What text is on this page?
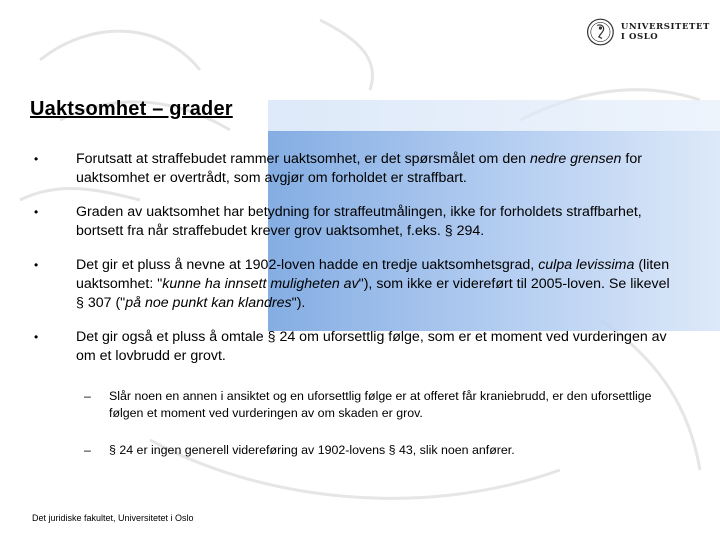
UNIVERSITETET
I OSLO
Uaktsomhet – grader
Forutsatt at straffebudet rammer uaktsomhet, er det spørsmålet om den nedre grensen for uaktsomhet er overtrådt, som avgjør om forholdet er straffbart.
Graden av uaktsomhet har betydning for straffeutmålingen, ikke for forholdets straffbarhet, bortsett fra når straffebudet krever grov uaktsomhet, f.eks. § 294.
Det gir et pluss å nevne at 1902-loven hadde en tredje uaktsomhetsgrad, culpa levissima (liten uaktsomhet: "kunne ha innsett muligheten av"), som ikke er videreført til 2005-loven. Se likevel § 307 ("på noe punkt kan klandres").
Det gir også et pluss å omtale § 24 om uforsettlig følge, som er et moment ved vurderingen av om et lovbrudd er grovt.
– Slår noen en annen i ansiktet og en uforsettlig følge er at offeret får kraniebrudd, er den uforsettlige følgen et moment ved vurderingen av om skaden er grov.
– § 24 er ingen generell videreføring av 1902-lovens § 43, slik noen anfører.
Det juridiske fakultet, Universitetet i Oslo
